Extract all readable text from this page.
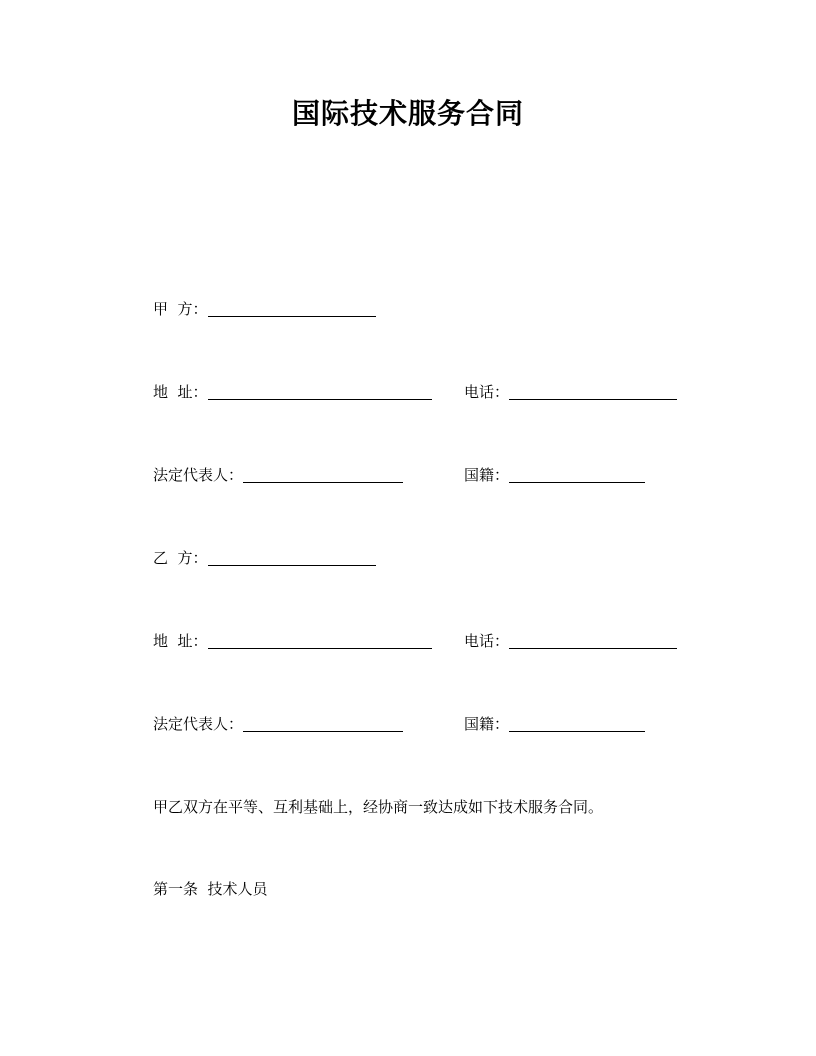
国际技术服务合同
甲  方：
地  址：	电话：
法定代表人：	国籍：
乙  方：
地  址：	电话：
法定代表人：	国籍：
甲乙双方在平等、互利基础上，经协商一致达成如下技术服务合同。
第一条  技术人员
